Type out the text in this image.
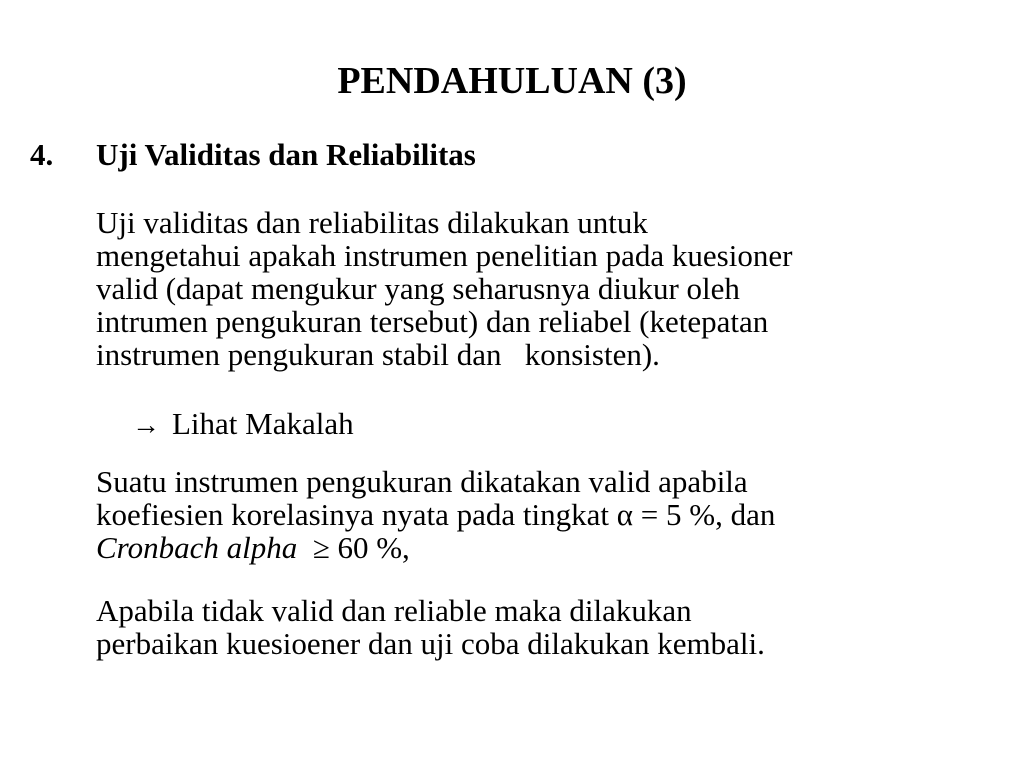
PENDAHULUAN (3)
4. Uji Validitas dan Reliabilitas
Uji validitas dan reliabilitas dilakukan untuk
mengetahui apakah instrumen penelitian pada kuesioner
valid (dapat mengukur yang seharusnya diukur oleh
intrumen pengukuran tersebut) dan reliabel (ketepatan
instrumen pengukuran stabil dan   konsisten).
→ Lihat Makalah
Suatu instrumen pengukuran dikatakan valid apabila
koefiesien korelasinya nyata pada tingkat α = 5 %, dan
Cronbach alpha  ≥ 60 %,
Apabila tidak valid dan reliable maka dilakukan
perbaikan kuesioener dan uji coba dilakukan kembali.
